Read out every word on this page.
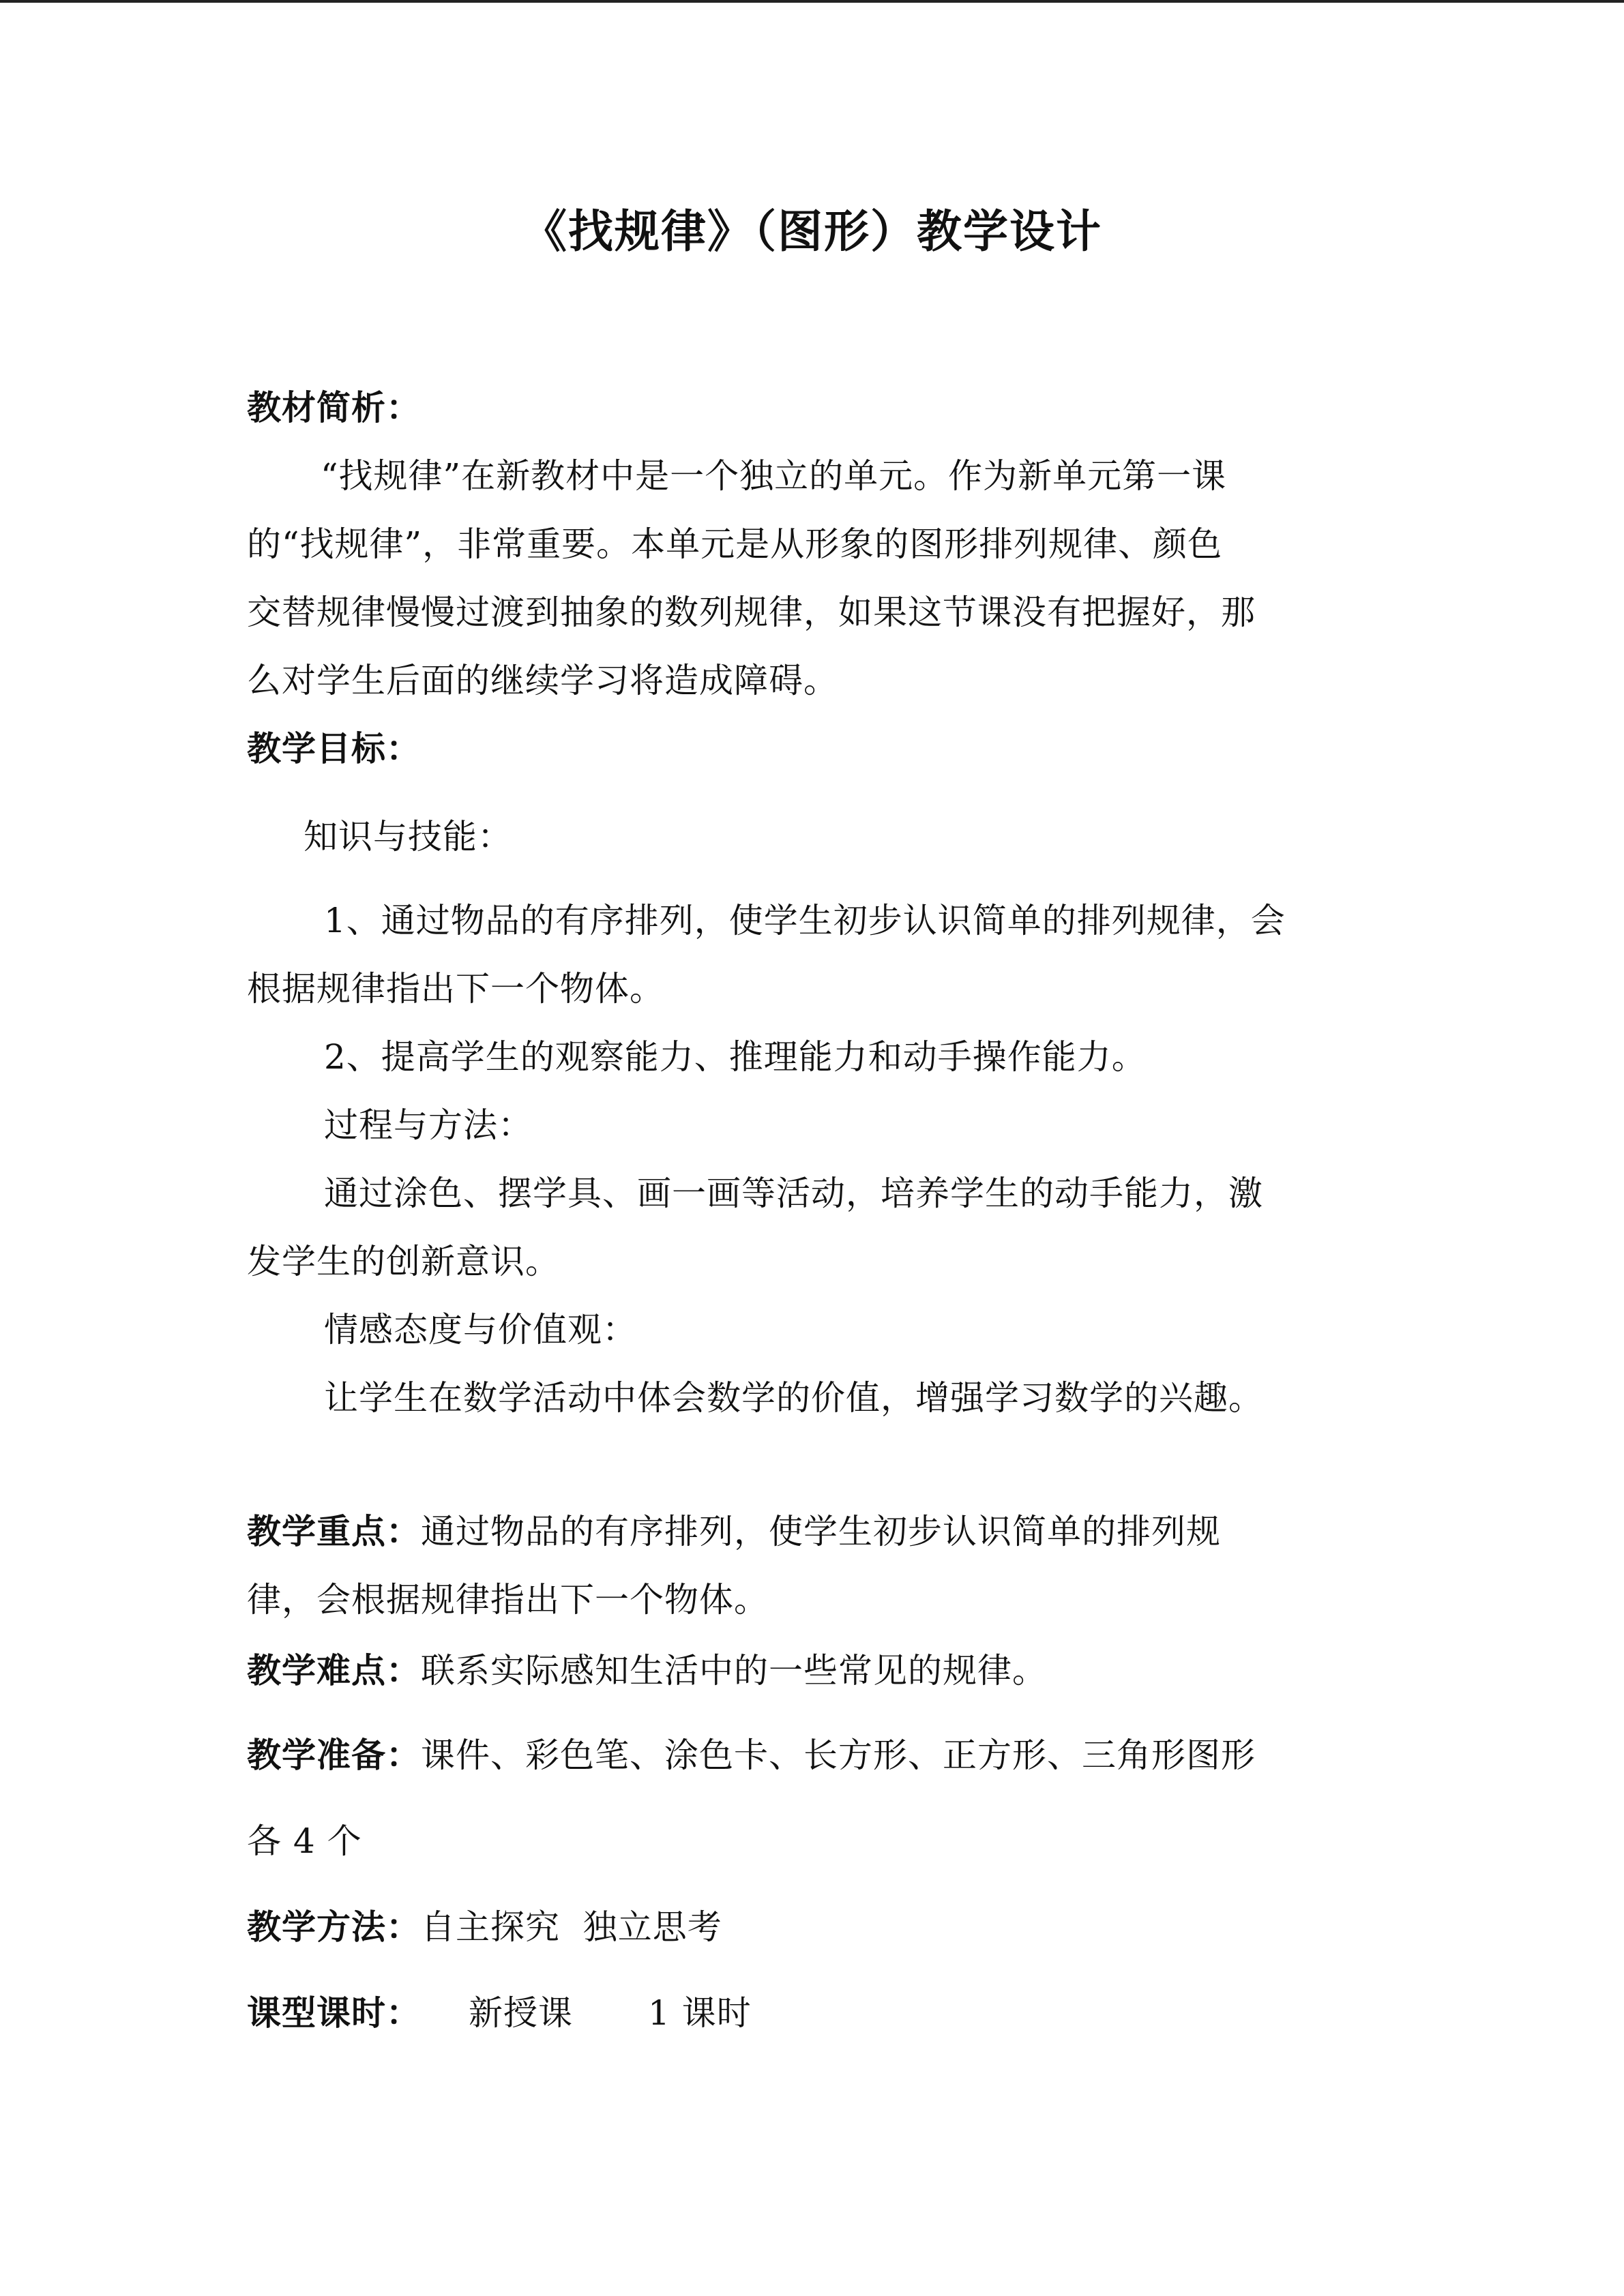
《找规律》（图形）教学设计
教材简析：
“找规律”在新教材中是一个独立的单元。作为新单元第一课
的“找规律”，非常重要。本单元是从形象的图形排列规律、颜色
交替规律慢慢过渡到抽象的数列规律，如果这节课没有把握好，那
么对学生后面的继续学习将造成障碍。
教学目标：
知识与技能：
1、通过物品的有序排列，使学生初步认识简单的排列规律，会
根据规律指出下一个物体。
2、提高学生的观察能力、推理能力和动手操作能力。
过程与方法：
通过涂色、摆学具、画一画等活动，培养学生的动手能力，激
发学生的创新意识。
情感态度与价值观：
让学生在数学活动中体会数学的价值，增强学习数学的兴趣。
教学重点：通过物品的有序排列，使学生初步认识简单的排列规
律，会根据规律指出下一个物体。
教学难点：联系实际感知生活中的一些常见的规律。
教学准备：课件、彩色笔、涂色卡、长方形、正方形、三角形图形
各 4 个
教学方法：自主探究  独立思考
课型课时： 新授课 1 课时
